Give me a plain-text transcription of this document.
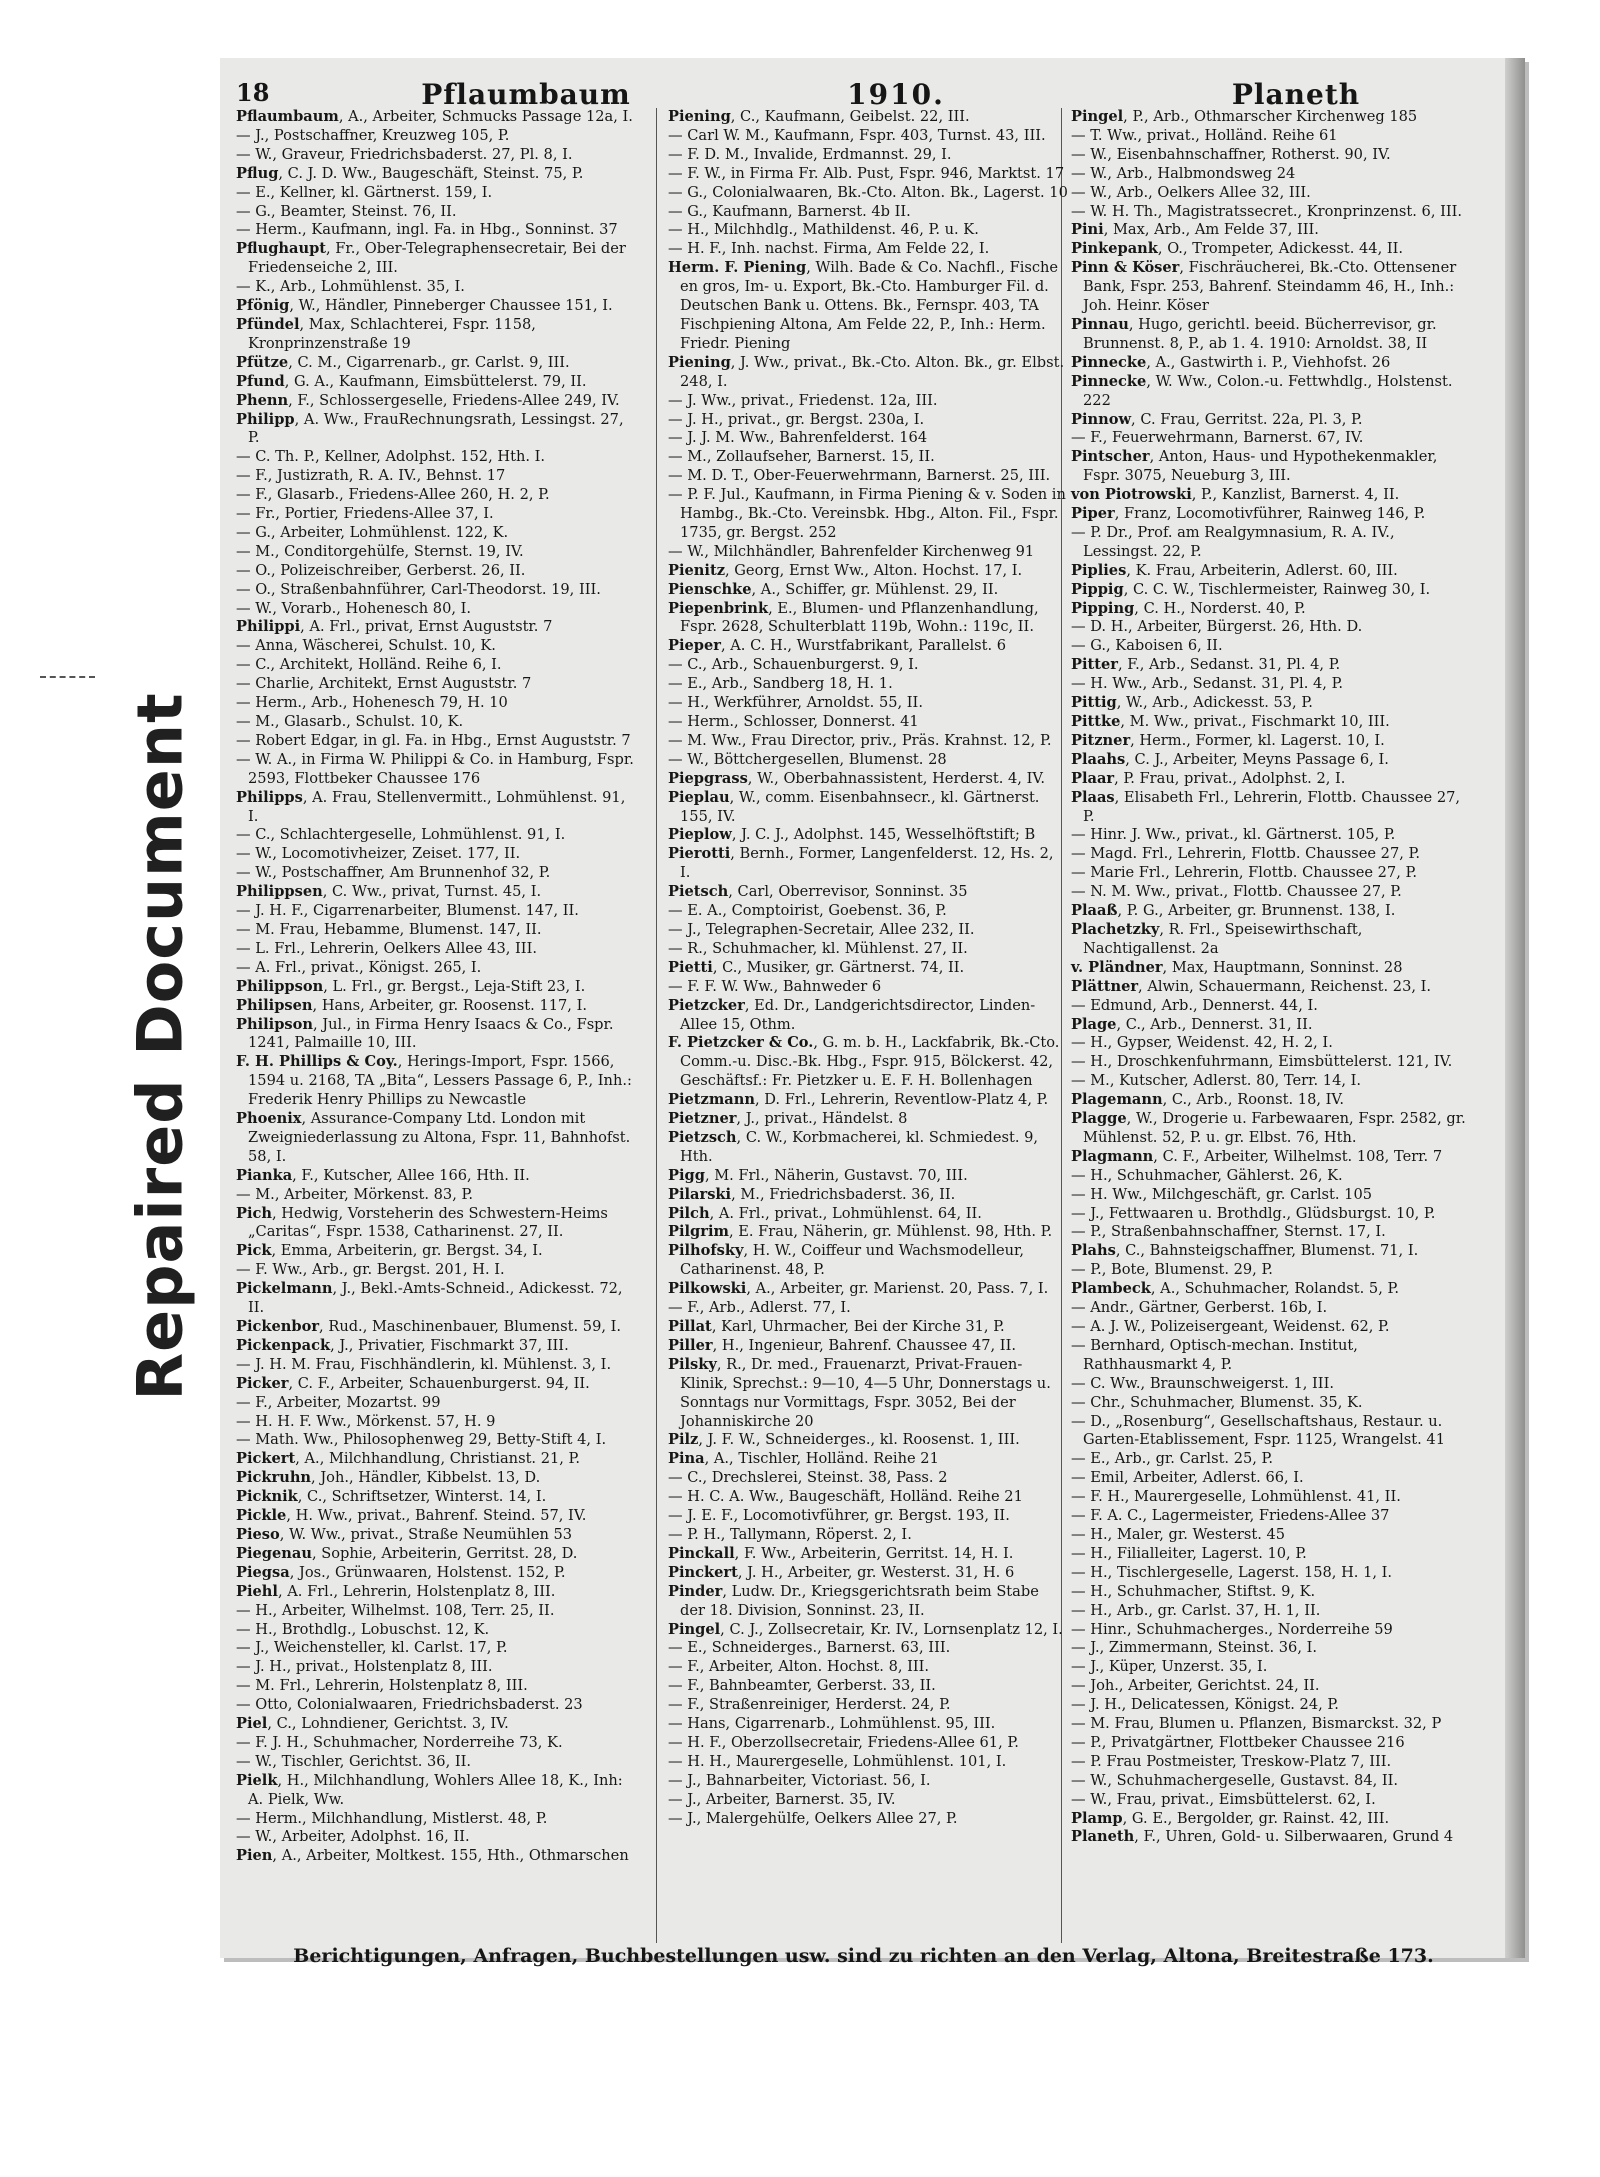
Repaired Document
18	Pflaumbaum	1910.	Planeth

Pflaumbaum, A., Arbeiter, Schmucks Passage 12a, I.

— J., Postschaffner, Kreuzweg 105, P.

— W., Graveur, Friedrichsbaderst. 27, Pl. 8, I.

Pflug, C. J. D. Ww., Baugeschäft, Steinst. 75, P.

— E., Kellner, kl. Gärtnerst. 159, I.

— G., Beamter, Steinst. 76, II.

— Herm., Kaufmann, ingl. Fa. in Hbg., Sonninst. 37

Pflughaupt, Fr., Ober-Telegraphensecretair, Bei der Friedenseiche 2, III.

— K., Arb., Lohmühlenst. 35, I.

Pfönig, W., Händler, Pinneberger Chaussee 151, I.

Pfündel, Max, Schlachterei, Fspr. 1158, Kronprinzenstraße 19

Pfütze, C. M., Cigarrenarb., gr. Carlst. 9, III.

Pfund, G. A., Kaufmann, Eimsbüttelerst. 79, II.

Phenn, F., Schlossergeselle, Friedens-Allee 249, IV.

Philipp, A. Ww., FrauRechnungsrath, Lessingst. 27, P.

— C. Th. P., Kellner, Adolphst. 152, Hth. I.

— F., Justizrath, R. A. IV., Behnst. 17

— F., Glasarb., Friedens-Allee 260, H. 2, P.

— Fr., Portier, Friedens-Allee 37, I.

— G., Arbeiter, Lohmühlenst. 122, K.

— M., Conditorgehülfe, Sternst. 19, IV.

— O., Polizeischreiber, Gerberst. 26, II.

— O., Straßenbahnführer, Carl-Theodorst. 19, III.

— W., Vorarb., Hohenesch 80, I.

Philippi, A. Frl., privat, Ernst Auguststr. 7

— Anna, Wäscherei, Schulst. 10, K.

— C., Architekt, Holländ. Reihe 6, I.

— Charlie, Architekt, Ernst Auguststr. 7

— Herm., Arb., Hohenesch 79, H. 10

— M., Glasarb., Schulst. 10, K.

— Robert Edgar, in gl. Fa. in Hbg., Ernst Auguststr. 7

— W. A., in Firma W. Philippi & Co. in Hamburg, Fspr. 2593, Flottbeker Chaussee 176

Philipps, A. Frau, Stellenvermitt., Lohmühlenst. 91, I.

— C., Schlachtergeselle, Lohmühlenst. 91, I.

— W., Locomotivheizer, Zeiset. 177, II.

— W., Postschaffner, Am Brunnenhof 32, P.

Philippsen, C. Ww., privat, Turnst. 45, I.

— J. H. F., Cigarrenarbeiter, Blumenst. 147, II.

— M. Frau, Hebamme, Blumenst. 147, II.

— L. Frl., Lehrerin, Oelkers Allee 43, III.

— A. Frl., privat., Königst. 265, I.

Philippson, L. Frl., gr. Bergst., Leja-Stift 23, I.

Philipsen, Hans, Arbeiter, gr. Roosenst. 117, I.

Philipson, Jul., in Firma Henry Isaacs & Co., Fspr. 1241, Palmaille 10, III.

F. H. Phillips & Coy., Herings-Import, Fspr. 1566, 1594 u. 2168, TA „Bita“, Lessers Passage 6, P., Inh.: Frederik Henry Phillips zu Newcastle

Phoenix, Assurance-Company Ltd. London mit Zweigniederlassung zu Altona, Fspr. 11, Bahnhofst. 58, I.

Pianka, F., Kutscher, Allee 166, Hth. II.

— M., Arbeiter, Mörkenst. 83, P.

Pich, Hedwig, Vorsteherin des Schwestern-Heims „Caritas“, Fspr. 1538, Catharinenst. 27, II.

Pick, Emma, Arbeiterin, gr. Bergst. 34, I.

— F. Ww., Arb., gr. Bergst. 201, H. I.

Pickelmann, J., Bekl.-Amts-Schneid., Adickesst. 72, II.

Pickenbor, Rud., Maschinenbauer, Blumenst. 59, I.

Pickenpack, J., Privatier, Fischmarkt 37, III.

— J. H. M. Frau, Fischhändlerin, kl. Mühlenst. 3, I.

Picker, C. F., Arbeiter, Schauenburgerst. 94, II.

— F., Arbeiter, Mozartst. 99

— H. H. F. Ww., Mörkenst. 57, H. 9

— Math. Ww., Philosophenweg 29, Betty-Stift 4, I.

Pickert, A., Milchhandlung, Christianst. 21, P.

Pickruhn, Joh., Händler, Kibbelst. 13, D.

Picknik, C., Schriftsetzer, Winterst. 14, I.

Pickle, H. Ww., privat., Bahrenf. Steind. 57, IV.

Pieso, W. Ww., privat., Straße Neumühlen 53

Piegenau, Sophie, Arbeiterin, Gerritst. 28, D.

Piegsa, Jos., Grünwaaren, Holstenst. 152, P.

Piehl, A. Frl., Lehrerin, Holstenplatz 8, III.

— H., Arbeiter, Wilhelmst. 108, Terr. 25, II.

— H., Brothdlg., Lobuschst. 12, K.

— J., Weichensteller, kl. Carlst. 17, P.

— J. H., privat., Holstenplatz 8, III.

— M. Frl., Lehrerin, Holstenplatz 8, III.

— Otto, Colonialwaaren, Friedrichsbaderst. 23

Piel, C., Lohndiener, Gerichtst. 3, IV.

— F. J. H., Schuhmacher, Norderreihe 73, K.

— W., Tischler, Gerichtst. 36, II.

Pielk, H., Milchhandlung, Wohlers Allee 18, K., Inh: A. Pielk, Ww.

— Herm., Milchhandlung, Mistlerst. 48, P.

— W., Arbeiter, Adolphst. 16, II.

Pien, A., Arbeiter, Moltkest. 155, Hth., Othmarschen

Piening, C., Kaufmann, Geibelst. 22, III.

— Carl W. M., Kaufmann, Fspr. 403, Turnst. 43, III.

— F. D. M., Invalide, Erdmannst. 29, I.

— F. W., in Firma Fr. Alb. Pust, Fspr. 946, Marktst. 17

— G., Colonialwaaren, Bk.-Cto. Alton. Bk., Lagerst. 10

— G., Kaufmann, Barnerst. 4b II.

— H., Milchhdlg., Mathildenst. 46, P. u. K.

— H. F., Inh. nachst. Firma, Am Felde 22, I.

Herm. F. Piening, Wilh. Bade & Co. Nachfl., Fische en gros, Im- u. Export, Bk.-Cto. Hamburger Fil. d. Deutschen Bank u. Ottens. Bk., Fernspr. 403, TA Fischpiening Altona, Am Felde 22, P., Inh.: Herm. Friedr. Piening

Piening, J. Ww., privat., Bk.-Cto. Alton. Bk., gr. Elbst. 248, I.

— J. Ww., privat., Friedenst. 12a, III.

— J. H., privat., gr. Bergst. 230a, I.

— J. J. M. Ww., Bahrenfelderst. 164

— M., Zollaufseher, Barnerst. 15, II.

— M. D. T., Ober-Feuerwehrmann, Barnerst. 25, III.

— P. F. Jul., Kaufmann, in Firma Piening & v. Soden in Hambg., Bk.-Cto. Vereinsbk. Hbg., Alton. Fil., Fspr. 1735, gr. Bergst. 252

— W., Milchhändler, Bahrenfelder Kirchenweg 91

Pienitz, Georg, Ernst Ww., Alton. Hochst. 17, I.

Pienschke, A., Schiffer, gr. Mühlenst. 29, II.

Piepenbrink, E., Blumen- und Pflanzenhandlung, Fspr. 2628, Schulterblatt 119b, Wohn.: 119c, II.

Pieper, A. C. H., Wurstfabrikant, Parallelst. 6

— C., Arb., Schauenburgerst. 9, I.

— E., Arb., Sandberg 18, H. 1.

— H., Werkführer, Arnoldst. 55, II.

— Herm., Schlosser, Donnerst. 41

— M. Ww., Frau Director, priv., Präs. Krahnst. 12, P.

— W., Böttchergesellen, Blumenst. 28

Piepgrass, W., Oberbahnassistent, Herderst. 4, IV.

Pieplau, W., comm. Eisenbahnsecr., kl. Gärtnerst. 155, IV.

Pieplow, J. C. J., Adolphst. 145, Wesselhöftstift; B

Pierotti, Bernh., Former, Langenfelderst. 12, Hs. 2, I.

Pietsch, Carl, Oberrevisor, Sonninst. 35

— E. A., Comptoirist, Goebenst. 36, P.

— J., Telegraphen-Secretair, Allee 232, II.

— R., Schuhmacher, kl. Mühlenst. 27, II.

Pietti, C., Musiker, gr. Gärtnerst. 74, II.

— F. F. W. Ww., Bahnweder 6

Pietzcker, Ed. Dr., Landgerichtsdirector, Linden-Allee 15, Othm.

F. Pietzcker & Co., G. m. b. H., Lackfabrik, Bk.-Cto. Comm.-u. Disc.-Bk. Hbg., Fspr. 915, Bölckerst. 42, Geschäftsf.: Fr. Pietzker u. E. F. H. Bollenhagen

Pietzmann, D. Frl., Lehrerin, Reventlow-Platz 4, P.

Pietzner, J., privat., Händelst. 8

Pietzsch, C. W., Korbmacherei, kl. Schmiedest. 9, Hth.

Pigg, M. Frl., Näherin, Gustavst. 70, III.

Pilarski, M., Friedrichsbaderst. 36, II.

Pilch, A. Frl., privat., Lohmühlenst. 64, II.

Pilgrim, E. Frau, Näherin, gr. Mühlenst. 98, Hth. P.

Pilhofsky, H. W., Coiffeur und Wachsmodelleur, Catharinenst. 48, P.

Pilkowski, A., Arbeiter, gr. Marienst. 20, Pass. 7, I.

— F., Arb., Adlerst. 77, I.

Pillat, Karl, Uhrmacher, Bei der Kirche 31, P.

Piller, H., Ingenieur, Bahrenf. Chaussee 47, II.

Pilsky, R., Dr. med., Frauenarzt, Privat-Frauen-Klinik, Sprechst.: 9—10, 4—5 Uhr, Donnerstags u. Sonntags nur Vormittags, Fspr. 3052, Bei der Johanniskirche 20

Pilz, J. F. W., Schneiderges., kl. Roosenst. 1, III.

Pina, A., Tischler, Holländ. Reihe 21

— C., Drechslerei, Steinst. 38, Pass. 2

— H. C. A. Ww., Baugeschäft, Holländ. Reihe 21

— J. E. F., Locomotivführer, gr. Bergst. 193, II.

— P. H., Tallymann, Röperst. 2, I.

Pinckall, F. Ww., Arbeiterin, Gerritst. 14, H. I.

Pinckert, J. H., Arbeiter, gr. Westerst. 31, H. 6

Pinder, Ludw. Dr., Kriegsgerichtsrath beim Stabe der 18. Division, Sonninst. 23, II.

Pingel, C. J., Zollsecretair, Kr. IV., Lornsenplatz 12, I.

— E., Schneiderges., Barnerst. 63, III.

— F., Arbeiter, Alton. Hochst. 8, III.

— F., Bahnbeamter, Gerberst. 33, II.

— F., Straßenreiniger, Herderst. 24, P.

— Hans, Cigarrenarb., Lohmühlenst. 95, III.

— H. F., Oberzollsecretair, Friedens-Allee 61, P.

— H. H., Maurergeselle, Lohmühlenst. 101, I.

— J., Bahnarbeiter, Victoriast. 56, I.

— J., Arbeiter, Barnerst. 35, IV.

— J., Malergehülfe, Oelkers Allee 27, P.

Pingel, P., Arb., Othmarscher Kirchenweg 185

— T. Ww., privat., Holländ. Reihe 61

— W., Eisenbahnschaffner, Rotherst. 90, IV.

— W., Arb., Halbmondsweg 24

— W., Arb., Oelkers Allee 32, III.

— W. H. Th., Magistratssecret., Kronprinzenst. 6, III.

Pini, Max, Arb., Am Felde 37, III.

Pinkepank, O., Trompeter, Adickesst. 44, II.

Pinn & Köser, Fischräucherei, Bk.-Cto. Ottensener Bank, Fspr. 253, Bahrenf. Steindamm 46, H., Inh.: Joh. Heinr. Köser

Pinnau, Hugo, gerichtl. beeid. Bücherrevisor, gr. Brunnenst. 8, P., ab 1. 4. 1910: Arnoldst. 38, II

Pinnecke, A., Gastwirth i. P., Viehhofst. 26

Pinnecke, W. Ww., Colon.-u. Fettwhdlg., Holstenst. 222

Pinnow, C. Frau, Gerritst. 22a, Pl. 3, P.

— F., Feuerwehrmann, Barnerst. 67, IV.

Pintscher, Anton, Haus- und Hypothekenmakler, Fspr. 3075, Neueburg 3, III.

von Piotrowski, P., Kanzlist, Barnerst. 4, II.

Piper, Franz, Locomotivführer, Rainweg 146, P.

— P. Dr., Prof. am Realgymnasium, R. A. IV., Lessingst. 22, P.

Piplies, K. Frau, Arbeiterin, Adlerst. 60, III.

Pippig, C. C. W., Tischlermeister, Rainweg 30, I.

Pipping, C. H., Norderst. 40, P.

— D. H., Arbeiter, Bürgerst. 26, Hth. D.

— G., Kaboisen 6, II.

Pitter, F., Arb., Sedanst. 31, Pl. 4, P.

— H. Ww., Arb., Sedanst. 31, Pl. 4, P.

Pittig, W., Arb., Adickesst. 53, P.

Pittke, M. Ww., privat., Fischmarkt 10, III.

Pitzner, Herm., Former, kl. Lagerst. 10, I.

Plaahs, C. J., Arbeiter, Meyns Passage 6, I.

Plaar, P. Frau, privat., Adolphst. 2, I.

Plaas, Elisabeth Frl., Lehrerin, Flottb. Chaussee 27, P.

— Hinr. J. Ww., privat., kl. Gärtnerst. 105, P.

— Magd. Frl., Lehrerin, Flottb. Chaussee 27, P.

— Marie Frl., Lehrerin, Flottb. Chaussee 27, P.

— N. M. Ww., privat., Flottb. Chaussee 27, P.

Plaaß, P. G., Arbeiter, gr. Brunnenst. 138, I.

Plachetzky, R. Frl., Speisewirthschaft, Nachtigallenst. 2a

v. Pländner, Max, Hauptmann, Sonninst. 28

Plättner, Alwin, Schauermann, Reichenst. 23, I.

— Edmund, Arb., Dennerst. 44, I.

Plage, C., Arb., Dennerst. 31, II.

— H., Gypser, Weidenst. 42, H. 2, I.

— H., Droschkenfuhrmann, Eimsbüttelerst. 121, IV.

— M., Kutscher, Adlerst. 80, Terr. 14, I.

Plagemann, C., Arb., Roonst. 18, IV.

Plagge, W., Drogerie u. Farbewaaren, Fspr. 2582, gr. Mühlenst. 52, P. u. gr. Elbst. 76, Hth.

Plagmann, C. F., Arbeiter, Wilhelmst. 108, Terr. 7

— H., Schuhmacher, Gählerst. 26, K.

— H. Ww., Milchgeschäft, gr. Carlst. 105

— J., Fettwaaren u. Brothdlg., Glüdsburgst. 10, P.

— P., Straßenbahnschaffner, Sternst. 17, I.

Plahs, C., Bahnsteigschaffner, Blumenst. 71, I.

— P., Bote, Blumenst. 29, P.

Plambeck, A., Schuhmacher, Rolandst. 5, P.

— Andr., Gärtner, Gerberst. 16b, I.

— A. J. W., Polizeisergeant, Weidenst. 62, P.

— Bernhard, Optisch-mechan. Institut, Rathhausmarkt 4, P.

— C. Ww., Braunschweigerst. 1, III.

— Chr., Schuhmacher, Blumenst. 35, K.

— D., „Rosenburg“, Gesellschaftshaus, Restaur. u. Garten-Etablissement, Fspr. 1125, Wrangelst. 41

— E., Arb., gr. Carlst. 25, P.

— Emil, Arbeiter, Adlerst. 66, I.

— F. H., Maurergeselle, Lohmühlenst. 41, II.

— F. A. C., Lagermeister, Friedens-Allee 37

— H., Maler, gr. Westerst. 45

— H., Filialleiter, Lagerst. 10, P.

— H., Tischlergeselle, Lagerst. 158, H. 1, I.

— H., Schuhmacher, Stiftst. 9, K.

— H., Arb., gr. Carlst. 37, H. 1, II.

— Hinr., Schuhmacherges., Norderreihe 59

— J., Zimmermann, Steinst. 36, I.

— J., Küper, Unzerst. 35, I.

— Joh., Arbeiter, Gerichtst. 24, II.

— J. H., Delicatessen, Königst. 24, P.

— M. Frau, Blumen u. Pflanzen, Bismarckst. 32, P

— P., Privatgärtner, Flottbeker Chaussee 216

— P. Frau Postmeister, Treskow-Platz 7, III.

— W., Schuhmachergeselle, Gustavst. 84, II.

— W., Frau, privat., Eimsbüttelerst. 62, I.

Plamp, G. E., Bergolder, gr. Rainst. 42, III.

Planeth, F., Uhren, Gold- u. Silberwaaren, Grund 4

Berichtigungen, Anfragen, Buchbestellungen usw. sind zu richten an den Verlag, Altona, Breitestraße 173.
